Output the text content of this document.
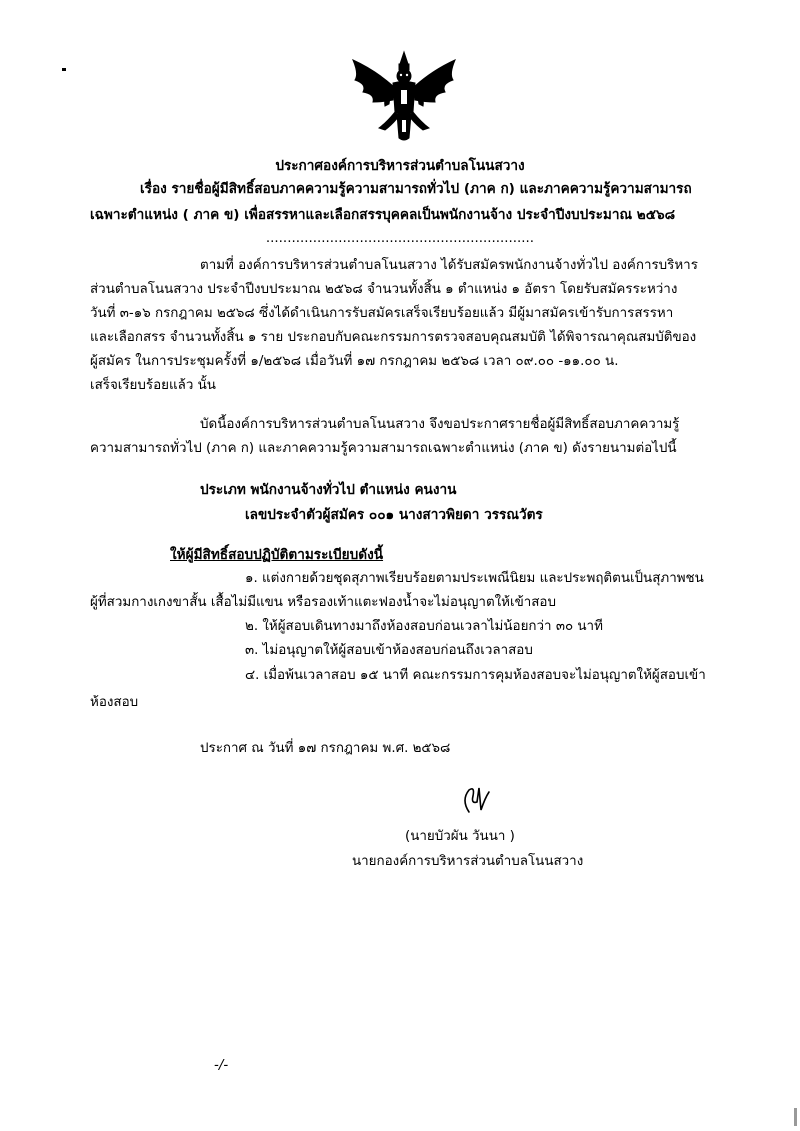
ประกาศองค์การบริหารส่วนตำบลโนนสวาง
เรื่อง รายชื่อผู้มีสิทธิ์สอบภาคความรู้ความสามารถทั่วไป (ภาค ก) และภาคความรู้ความสามารถ
เฉพาะตำแหน่ง ( ภาค ข) เพื่อสรรหาและเลือกสรรบุคคลเป็นพนักงานจ้าง ประจำปีงบประมาณ ๒๕๖๘
...............................................................
ตามที่ องค์การบริหารส่วนตำบลโนนสวาง ได้รับสมัครพนักงานจ้างทั่วไป องค์การบริหาร
ส่วนตำบลโนนสวาง ประจำปีงบประมาณ ๒๕๖๘ จำนวนทั้งสิ้น ๑ ตำแหน่ง ๑ อัตรา โดยรับสมัครระหว่าง
วันที่ ๓-๑๖ กรกฎาคม ๒๕๖๘ ซึ่งได้ดำเนินการรับสมัครเสร็จเรียบร้อยแล้ว มีผู้มาสมัครเข้ารับการสรรหา
และเลือกสรร จำนวนทั้งสิ้น ๑ ราย ประกอบกับคณะกรรมการตรวจสอบคุณสมบัติ ได้พิจารณาคุณสมบัติของ
ผู้สมัคร ในการประชุมครั้งที่ ๑/๒๕๖๘ เมื่อวันที่ ๑๗ กรกฎาคม ๒๕๖๘ เวลา ๐๙.๐๐ -๑๑.๐๐ น.
เสร็จเรียบร้อยแล้ว นั้น
บัดนี้องค์การบริหารส่วนตำบลโนนสวาง จึงขอประกาศรายชื่อผู้มีสิทธิ์สอบภาคความรู้
ความสามารถทั่วไป (ภาค ก) และภาคความรู้ความสามารถเฉพาะตำแหน่ง (ภาค ข) ดังรายนามต่อไปนี้
ประเภท พนักงานจ้างทั่วไป ตำแหน่ง คนงาน
เลขประจำตัวผู้สมัคร ๐๐๑ นางสาวพิยดา วรรณวัตร
ให้ผู้มีสิทธิ์สอบปฏิบัติตามระเบียบดังนี้
๑. แต่งกายด้วยชุดสุภาพเรียบร้อยตามประเพณีนิยม และประพฤติตนเป็นสุภาพชน
ผู้ที่สวมกางเกงขาสั้น เสื้อไม่มีแขน หรือรองเท้าแตะฟองน้ำจะไม่อนุญาตให้เข้าสอบ
๒. ให้ผู้สอบเดินทางมาถึงห้องสอบก่อนเวลาไม่น้อยกว่า ๓๐ นาที
๓. ไม่อนุญาตให้ผู้สอบเข้าห้องสอบก่อนถึงเวลาสอบ
๔. เมื่อพ้นเวลาสอบ ๑๕ นาที คณะกรรมการคุมห้องสอบจะไม่อนุญาตให้ผู้สอบเข้า
ห้องสอบ
ประกาศ ณ วันที่ ๑๗ กรกฎาคม พ.ศ. ๒๕๖๘
(นายบัวผัน วันนา )
นายกองค์การบริหารส่วนตำบลโนนสวาง
-/-
